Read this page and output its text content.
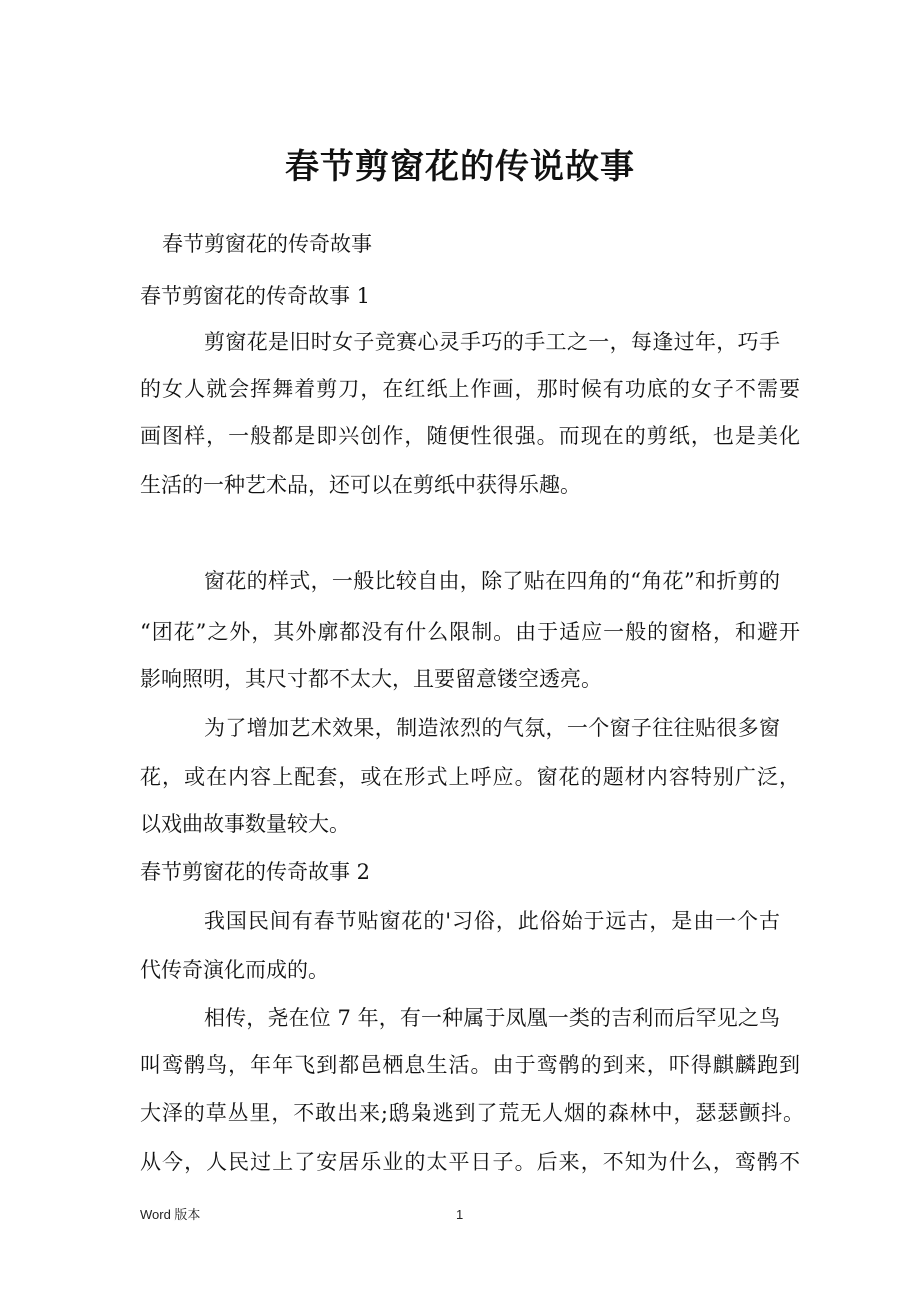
春节剪窗花的传说故事

春节剪窗花的传奇故事

春节剪窗花的传奇故事 1

剪窗花是旧时女子竞赛心灵手巧的手工之一，每逢过年，巧手

的女人就会挥舞着剪刀，在红纸上作画，那时候有功底的女子不需要

画图样，一般都是即兴创作，随便性很强。而现在的剪纸，也是美化

生活的一种艺术品，还可以在剪纸中获得乐趣。

窗花的样式，一般比较自由，除了贴在四角的“角花”和折剪的

“团花”之外，其外廓都没有什么限制。由于适应一般的窗格，和避开

影响照明，其尺寸都不太大，且要留意镂空透亮。

为了增加艺术效果，制造浓烈的气氛，一个窗子往往贴很多窗

花，或在内容上配套，或在形式上呼应。窗花的题材内容特别广泛，

以戏曲故事数量较大。

春节剪窗花的传奇故事 2

我国民间有春节贴窗花的'习俗，此俗始于远古，是由一个古

代传奇演化而成的。

相传，尧在位 7 年，有一种属于凤凰一类的吉利而后罕见之鸟

叫鸾鹘鸟，年年飞到都邑栖息生活。由于鸾鹘的到来，吓得麒麟跑到

大泽的草丛里，不敢出来;鸱枭逃到了荒无人烟的森林中，瑟瑟颤抖。

从今，人民过上了安居乐业的太平日子。后来，不知为什么，鸾鹘不

Word 版本	1
